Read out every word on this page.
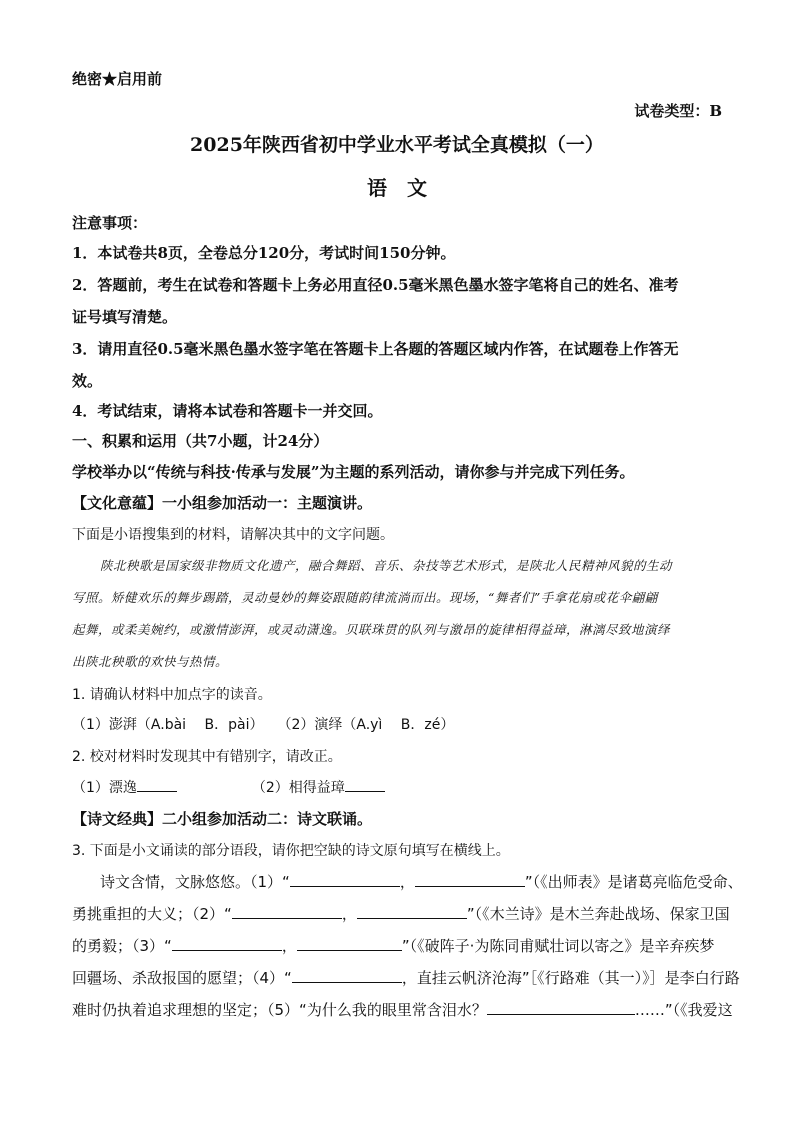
绝密★启用前
试卷类型：B
2025年陕西省初中学业水平考试全真模拟（一）
语　文
注意事项：
1．本试卷共8页，全卷总分120分，考试时间150分钟。
2．答题前，考生在试卷和答题卡上务必用直径0.5毫米黑色墨水签字笔将自己的姓名、准考
证号填写清楚。
3．请用直径0.5毫米黑色墨水签字笔在答题卡上各题的答题区域内作答，在试题卷上作答无
效。
4．考试结束，请将本试卷和答题卡一并交回。
一、积累和运用（共7小题，计24分）
学校举办以“传统与科技·传承与发展”为主题的系列活动，请你参与并完成下列任务。
【文化意蕴】一小组参加活动一：主题演讲。
下面是小语搜集到的材料，请解决其中的文字问题。
陕北秧歌是国家级非物质文化遗产，融合舞蹈、音乐、杂技等艺术形式，是陕北人民精神风貌的生动
写照。矫健欢乐的舞步踢踏，灵动曼妙的舞姿跟随韵律流淌而出。现场，“舞者们”手拿花扇或花伞翩翩
起舞，或柔美婉约，或激情澎湃，或灵动潇逸。贝联珠贯的队列与激昂的旋律相得益璋，淋漓尽致地演绎
出陕北秧歌的欢快与热情。
1. 请确认材料中加点字的读音。
（1）澎湃（A.bài　 B．pài）　　（2）演绎（A.yì　 B．zé）
2. 校对材料时发现其中有错别字，请改正。
（1）漂逸	（2）相得益璋
【诗文经典】二小组参加活动二：诗文联诵。
3. 下面是小文诵读的部分语段，请你把空缺的诗文原句填写在横线上。
诗文含情，文脉悠悠。（1）“	，	”（《出师表》是诸葛亮临危受命、
勇挑重担的大义；（2）“	，	”（《木兰诗》是木兰奔赴战场、保家卫国
的勇毅；（3）“	，	”（《破阵子·为陈同甫赋壮词以寄之》是辛弃疾梦
回疆场、杀敌报国的愿望；（4）“	，直挂云帆济沧海”［《行路难（其一）》］是李白行路
难时仍执着追求理想的坚定；（5）“为什么我的眼里常含泪水？	……”（《我爱这
